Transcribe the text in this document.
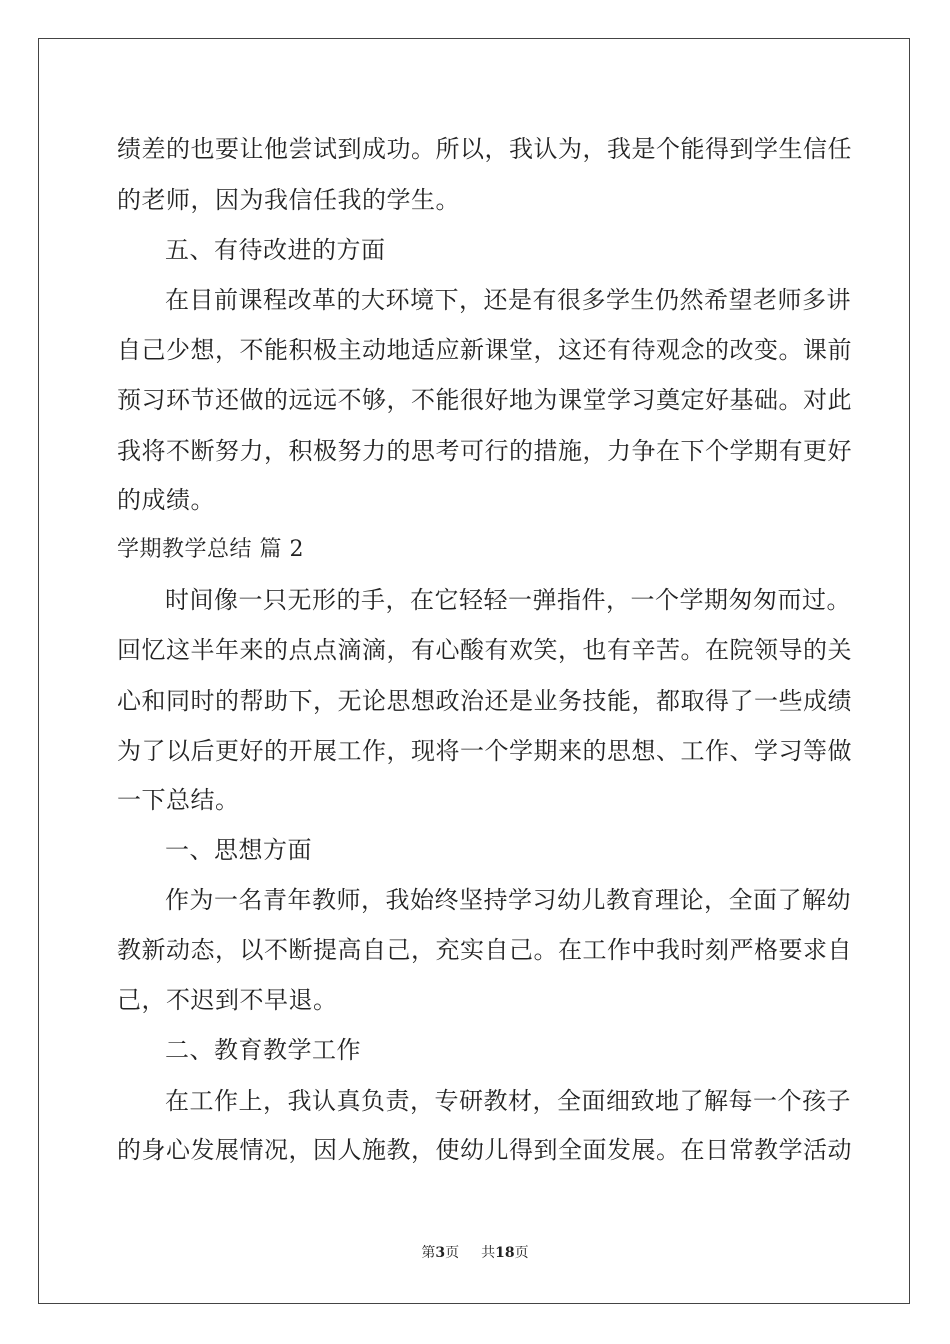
绩差的也要让他尝试到成功。所以，我认为，我是个能得到学生信任
的老师，因为我信任我的学生。
五、有待改进的方面
在目前课程改革的大环境下，还是有很多学生仍然希望老师多讲
自己少想，不能积极主动地适应新课堂，这还有待观念的改变。课前
预习环节还做的远远不够，不能很好地为课堂学习奠定好基础。对此
我将不断努力，积极努力的思考可行的措施，力争在下个学期有更好
的成绩。
学期教学总结 篇 2
时间像一只无形的手，在它轻轻一弹指件，一个学期匆匆而过。
回忆这半年来的点点滴滴，有心酸有欢笑，也有辛苦。在院领导的关
心和同时的帮助下，无论思想政治还是业务技能，都取得了一些成绩
为了以后更好的开展工作，现将一个学期来的思想、工作、学习等做
一下总结。
一、思想方面
作为一名青年教师，我始终坚持学习幼儿教育理论，全面了解幼
教新动态，以不断提高自己，充实自己。在工作中我时刻严格要求自
己，不迟到不早退。
二、教育教学工作
在工作上，我认真负责，专研教材，全面细致地了解每一个孩子
的身心发展情况，因人施教，使幼儿得到全面发展。在日常教学活动
第3页 共18页
